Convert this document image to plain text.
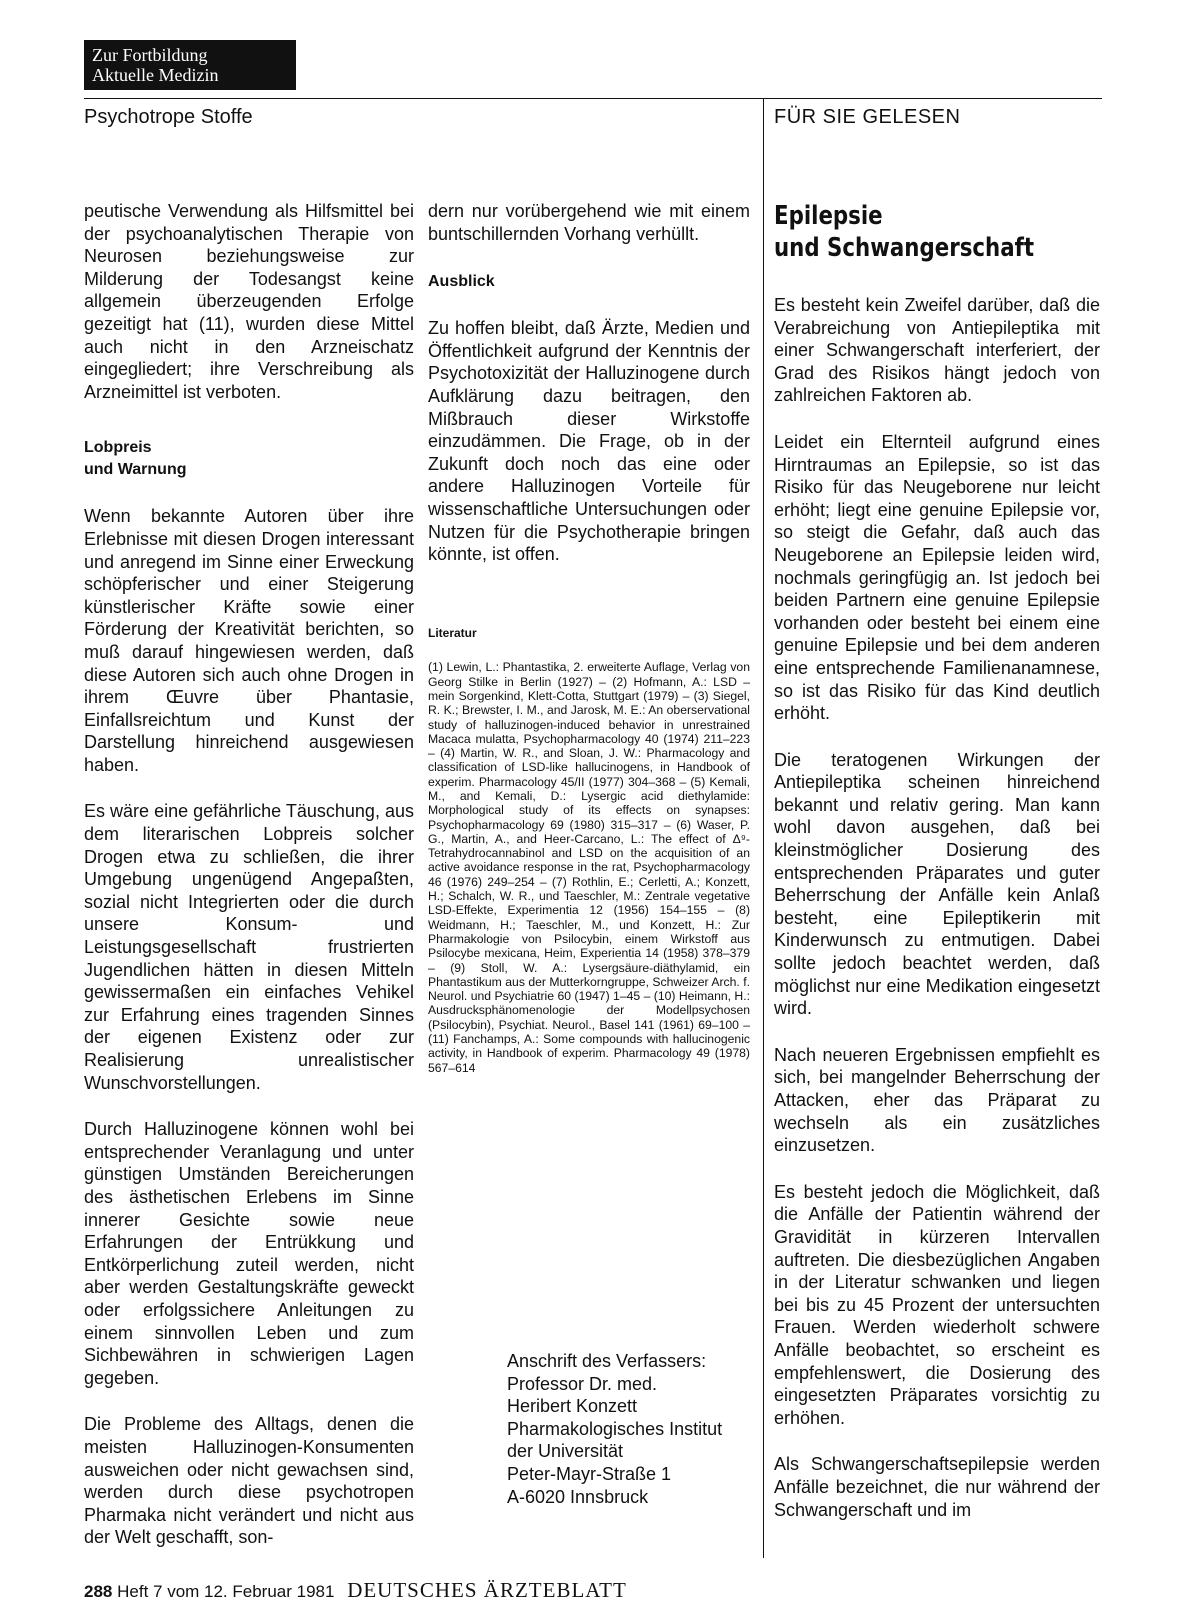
Zur Fortbildung
Aktuelle Medizin
Psychotrope Stoffe	FÜR SIE GELESEN

peutische Verwendung als Hilfsmittel bei der psychoanalytischen Therapie von Neurosen beziehungsweise zur Milderung der Todesangst keine allgemein überzeugenden Erfolge gezeitigt hat (11), wurden diese Mittel auch nicht in den Arzneischatz eingegliedert; ihre Verschreibung als Arzneimittel ist verboten.

Lobpreis
und Warnung

Wenn bekannte Autoren über ihre Erlebnisse mit diesen Drogen interessant und anregend im Sinne einer Erweckung schöpferischer und einer Steigerung künstlerischer Kräfte sowie einer Förderung der Kreativität berichten, so muß darauf hingewiesen werden, daß diese Autoren sich auch ohne Drogen in ihrem Œuvre über Phantasie, Einfallsreichtum und Kunst der Darstellung hinreichend ausgewiesen haben.

Es wäre eine gefährliche Täuschung, aus dem literarischen Lobpreis solcher Drogen etwa zu schließen, die ihrer Umgebung ungenügend Angepaßten, sozial nicht Integrierten oder die durch unsere Konsum- und Leistungsgesellschaft frustrierten Jugendlichen hätten in diesen Mitteln gewissermaßen ein einfaches Vehikel zur Erfahrung eines tragenden Sinnes der eigenen Existenz oder zur Realisierung unrealistischer Wunschvorstellungen.

Durch Halluzinogene können wohl bei entsprechender Veranlagung und unter günstigen Umständen Bereicherungen des ästhetischen Erlebens im Sinne innerer Gesichte sowie neue Erfahrungen der Entrükkung und Entkörperlichung zuteil werden, nicht aber werden Gestaltungskräfte geweckt oder erfolgssichere Anleitungen zu einem sinnvollen Leben und zum Sichbewähren in schwierigen Lagen gegeben.

Die Probleme des Alltags, denen die meisten Halluzinogen-Konsumenten ausweichen oder nicht gewachsen sind, werden durch diese psychotropen Pharmaka nicht verändert und nicht aus der Welt geschafft, son-

dern nur vorübergehend wie mit einem buntschillernden Vorhang verhüllt.

Ausblick

Zu hoffen bleibt, daß Ärzte, Medien und Öffentlichkeit aufgrund der Kenntnis der Psychotoxizität der Halluzinogene durch Aufklärung dazu beitragen, den Mißbrauch dieser Wirkstoffe einzudämmen. Die Frage, ob in der Zukunft doch noch das eine oder andere Halluzinogen Vorteile für wissenschaftliche Untersuchungen oder Nutzen für die Psychotherapie bringen könnte, ist offen.

Literatur

(1) Lewin, L.: Phantastika, 2. erweiterte Auflage, Verlag von Georg Stilke in Berlin (1927) – (2) Hofmann, A.: LSD – mein Sorgenkind, Klett-Cotta, Stuttgart (1979) – (3) Siegel, R. K.; Brewster, I. M., and Jarosk, M. E.: An oberservational study of halluzinogen-induced behavior in unrestrained Macaca mulatta, Psychopharmacology 40 (1974) 211–223 – (4) Martin, W. R., and Sloan, J. W.: Pharmacology and classification of LSD-like hallucinogens, in Handbook of experim. Pharmacology 45/II (1977) 304–368 – (5) Kemali, M., and Kemali, D.: Lysergic acid diethylamide: Morphological study of its effects on synapses: Psychopharmacology 69 (1980) 315–317 – (6) Waser, P. G., Martin, A., and Heer-Carcano, L.: The effect of Δ⁹-Tetrahydrocannabinol and LSD on the acquisition of an active avoidance response in the rat, Psychopharmacology 46 (1976) 249–254 – (7) Rothlin, E.; Cerletti, A.; Konzett, H.; Schalch, W. R., und Taeschler, M.: Zentrale vegetative LSD-Effekte, Experimentia 12 (1956) 154–155 – (8) Weidmann, H.; Taeschler, M., und Konzett, H.: Zur Pharmakologie von Psilocybin, einem Wirkstoff aus Psilocybe mexicana, Heim, Experientia 14 (1958) 378–379 – (9) Stoll, W. A.: Lysergsäure-diäthylamid, ein Phantastikum aus der Mutterkorngruppe, Schweizer Arch. f. Neurol. und Psychiatrie 60 (1947) 1–45 – (10) Heimann, H.: Ausdrucksphänomenologie der Modellpsychosen (Psilocybin), Psychiat. Neurol., Basel 141 (1961) 69–100 – (11) Fanchamps, A.: Some compounds with hallucinogenic activity, in Handbook of experim. Pharmacology 49 (1978) 567–614

Anschrift des Verfassers:
Professor Dr. med.
Heribert Konzett
Pharmakologisches Institut
der Universität
Peter-Mayr-Straße 1
A-6020 Innsbruck
Epilepsie
und Schwangerschaft

Es besteht kein Zweifel darüber, daß die Verabreichung von Antiepileptika mit einer Schwangerschaft interferiert, der Grad des Risikos hängt jedoch von zahlreichen Faktoren ab.

Leidet ein Elternteil aufgrund eines Hirntraumas an Epilepsie, so ist das Risiko für das Neugeborene nur leicht erhöht; liegt eine genuine Epilepsie vor, so steigt die Gefahr, daß auch das Neugeborene an Epilepsie leiden wird, nochmals geringfügig an. Ist jedoch bei beiden Partnern eine genuine Epilepsie vorhanden oder besteht bei einem eine genuine Epilepsie und bei dem anderen eine entsprechende Familienanamnese, so ist das Risiko für das Kind deutlich erhöht.

Die teratogenen Wirkungen der Antiepileptika scheinen hinreichend bekannt und relativ gering. Man kann wohl davon ausgehen, daß bei kleinstmöglicher Dosierung des entsprechenden Präparates und guter Beherrschung der Anfälle kein Anlaß besteht, eine Epileptikerin mit Kinderwunsch zu entmutigen. Dabei sollte jedoch beachtet werden, daß möglichst nur eine Medikation eingesetzt wird.

Nach neueren Ergebnissen empfiehlt es sich, bei mangelnder Beherrschung der Attacken, eher das Präparat zu wechseln als ein zusätzliches einzusetzen.

Es besteht jedoch die Möglichkeit, daß die Anfälle der Patientin während der Gravidität in kürzeren Intervallen auftreten. Die diesbezüglichen Angaben in der Literatur schwanken und liegen bei bis zu 45 Prozent der untersuchten Frauen. Werden wiederholt schwere Anfälle beobachtet, so erscheint es empfehlenswert, die Dosierung des eingesetzten Präparates vorsichtig zu erhöhen.

Als Schwangerschaftsepilepsie werden Anfälle bezeichnet, die nur während der Schwangerschaft und im

288 Heft 7 vom 12. Februar 1981 DEUTSCHES ÄRZTEBLATT
